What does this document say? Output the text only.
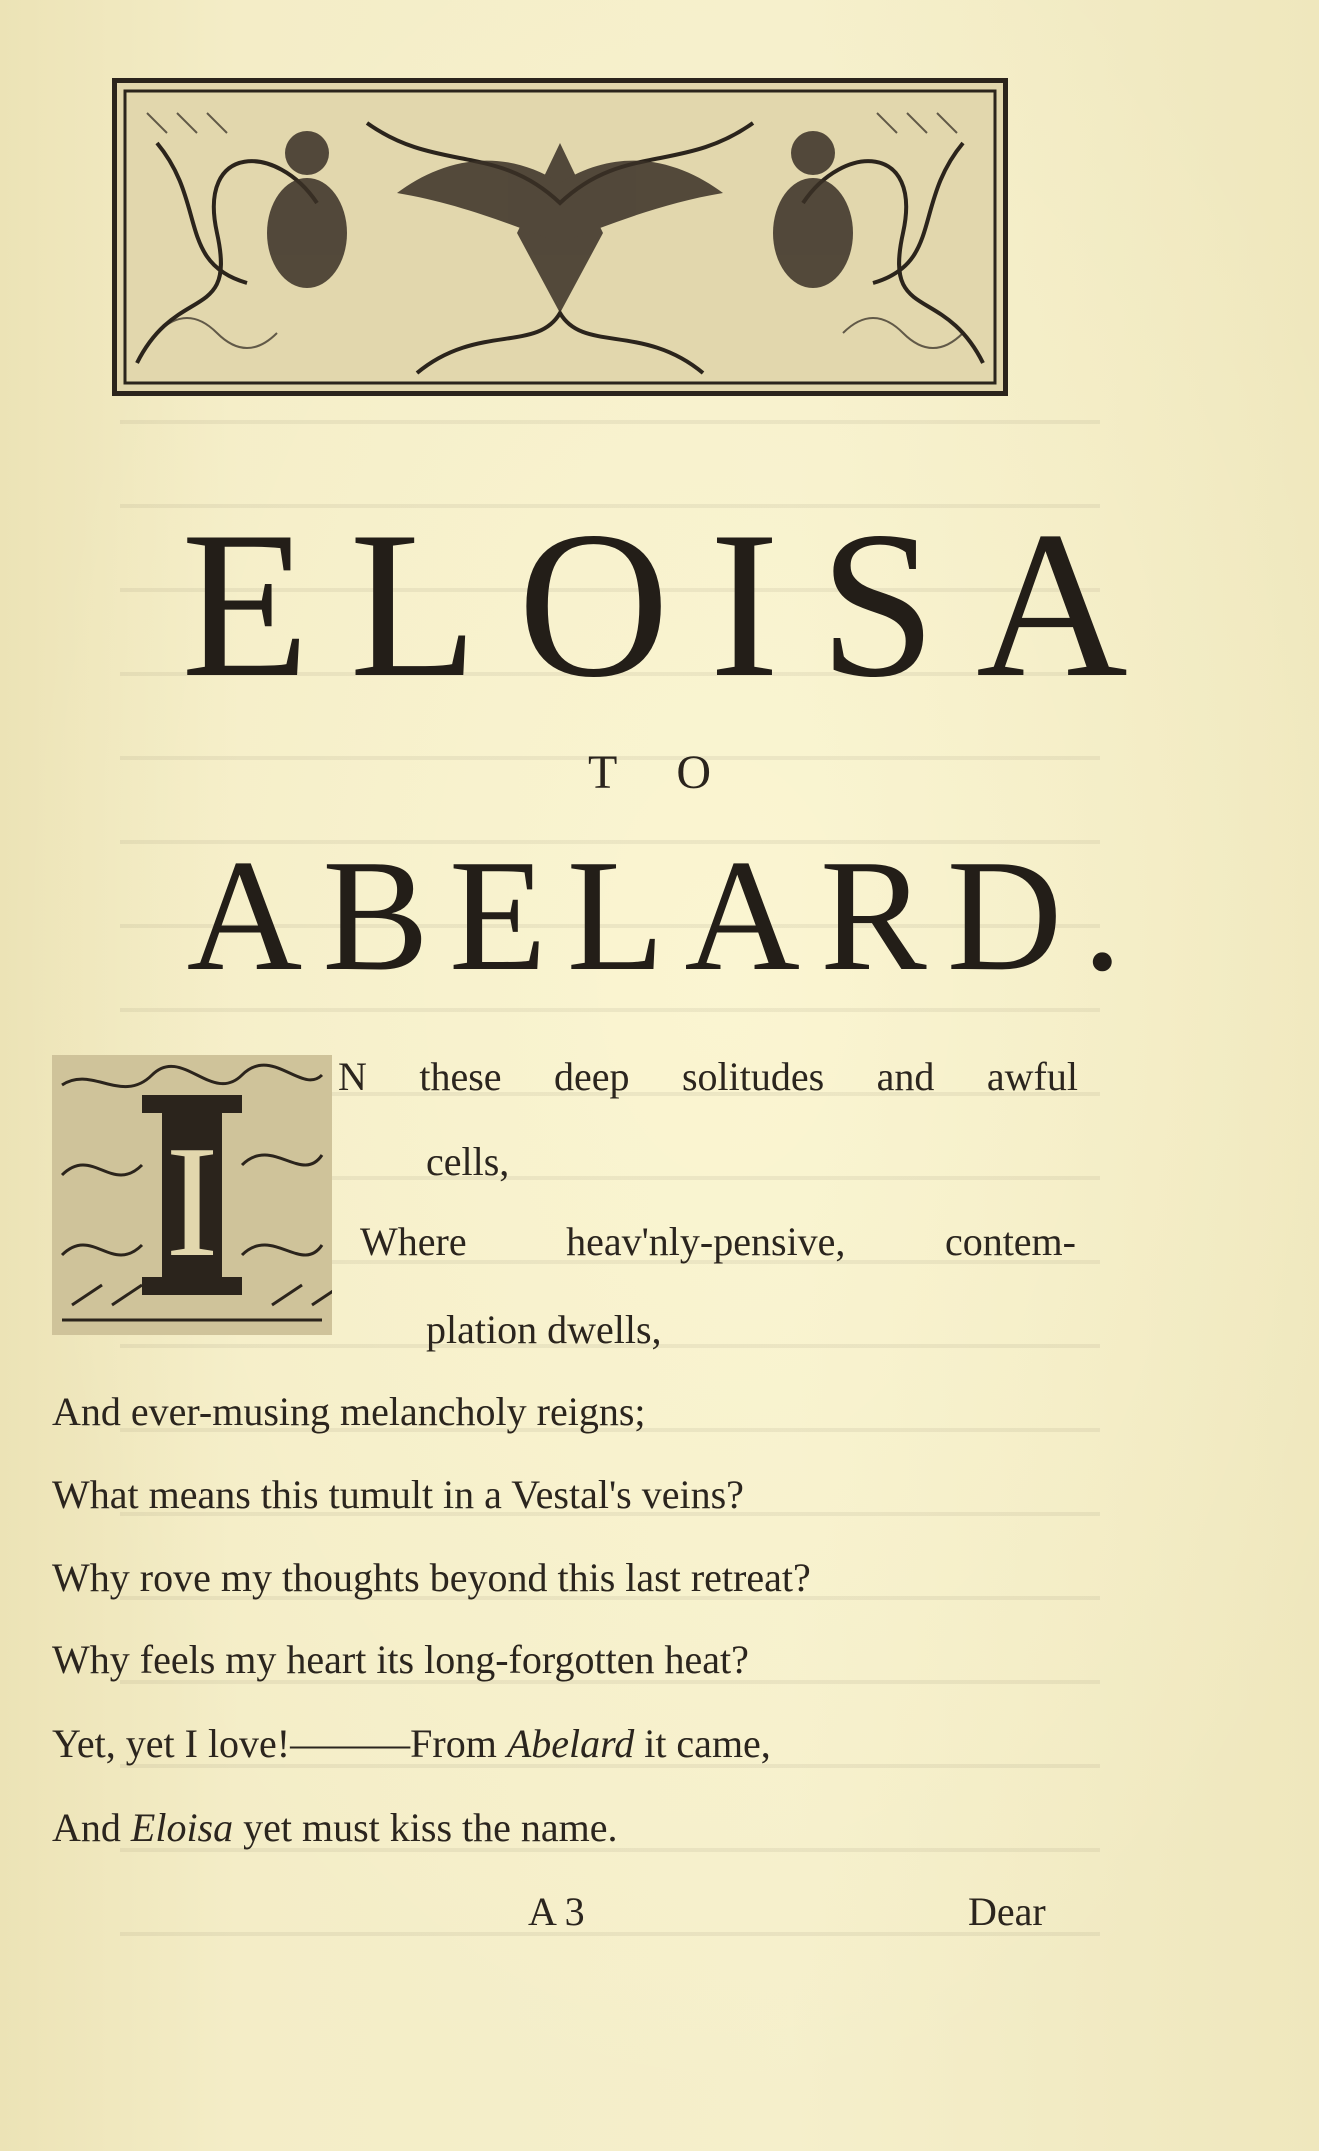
ELOISA
TO
ABELARD.
I
N these deep solitudes and awful
cells,
Where heav'nly-pensive, contem-
plation dwells,
And ever-musing melancholy reigns;
What means this tumult in a Vestal's veins?
Why rove my thoughts beyond this last retreat?
Why feels my heart its long-forgotten heat?
Yet, yet I love!———From Abelard it came,
And Eloisa yet must kiss the name.
A 3	Dear
